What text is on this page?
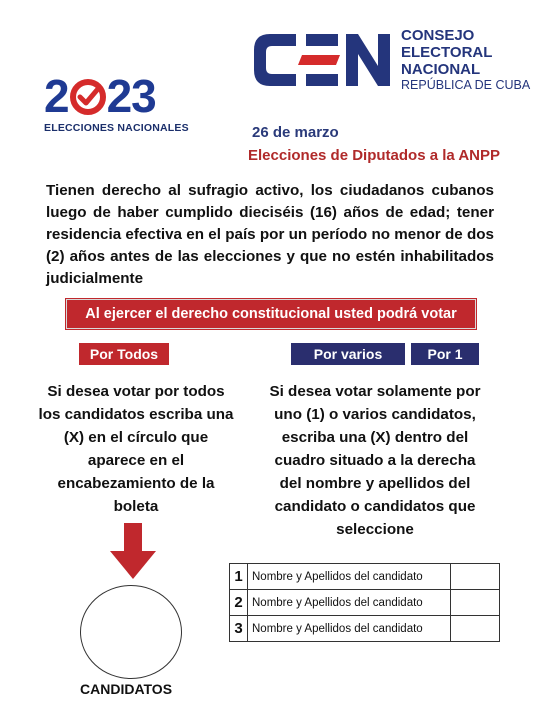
2 23
ELECCIONES NACIONALES
CONSEJO
ELECTORAL
NACIONAL
REPÚBLICA DE CUBA
26 de marzo
Elecciones de Diputados a la ANPP
Tienen derecho al sufragio activo, los ciudadanos cubanos luego de haber cumplido dieciséis (16) años de edad; tener residencia efectiva en el país por un período no menor de dos (2) años antes de las elecciones y que no estén inhabilitados judicialmente
Al ejercer el derecho constitucional usted podrá votar
Por Todos	Por varios	Por 1
Si desea votar por todos los candidatos escriba una (X) en el círculo que aparece en el encabezamiento de la boleta
Si desea votar solamente por uno (1) o varios candidatos, escriba una (X) dentro del cuadro situado a la derecha del nombre y apellidos del candidato o candidatos que seleccione
CANDIDATOS
1	Nombre y Apellidos del candidato	
2	Nombre y Apellidos del candidato	
3	Nombre y Apellidos del candidato	
